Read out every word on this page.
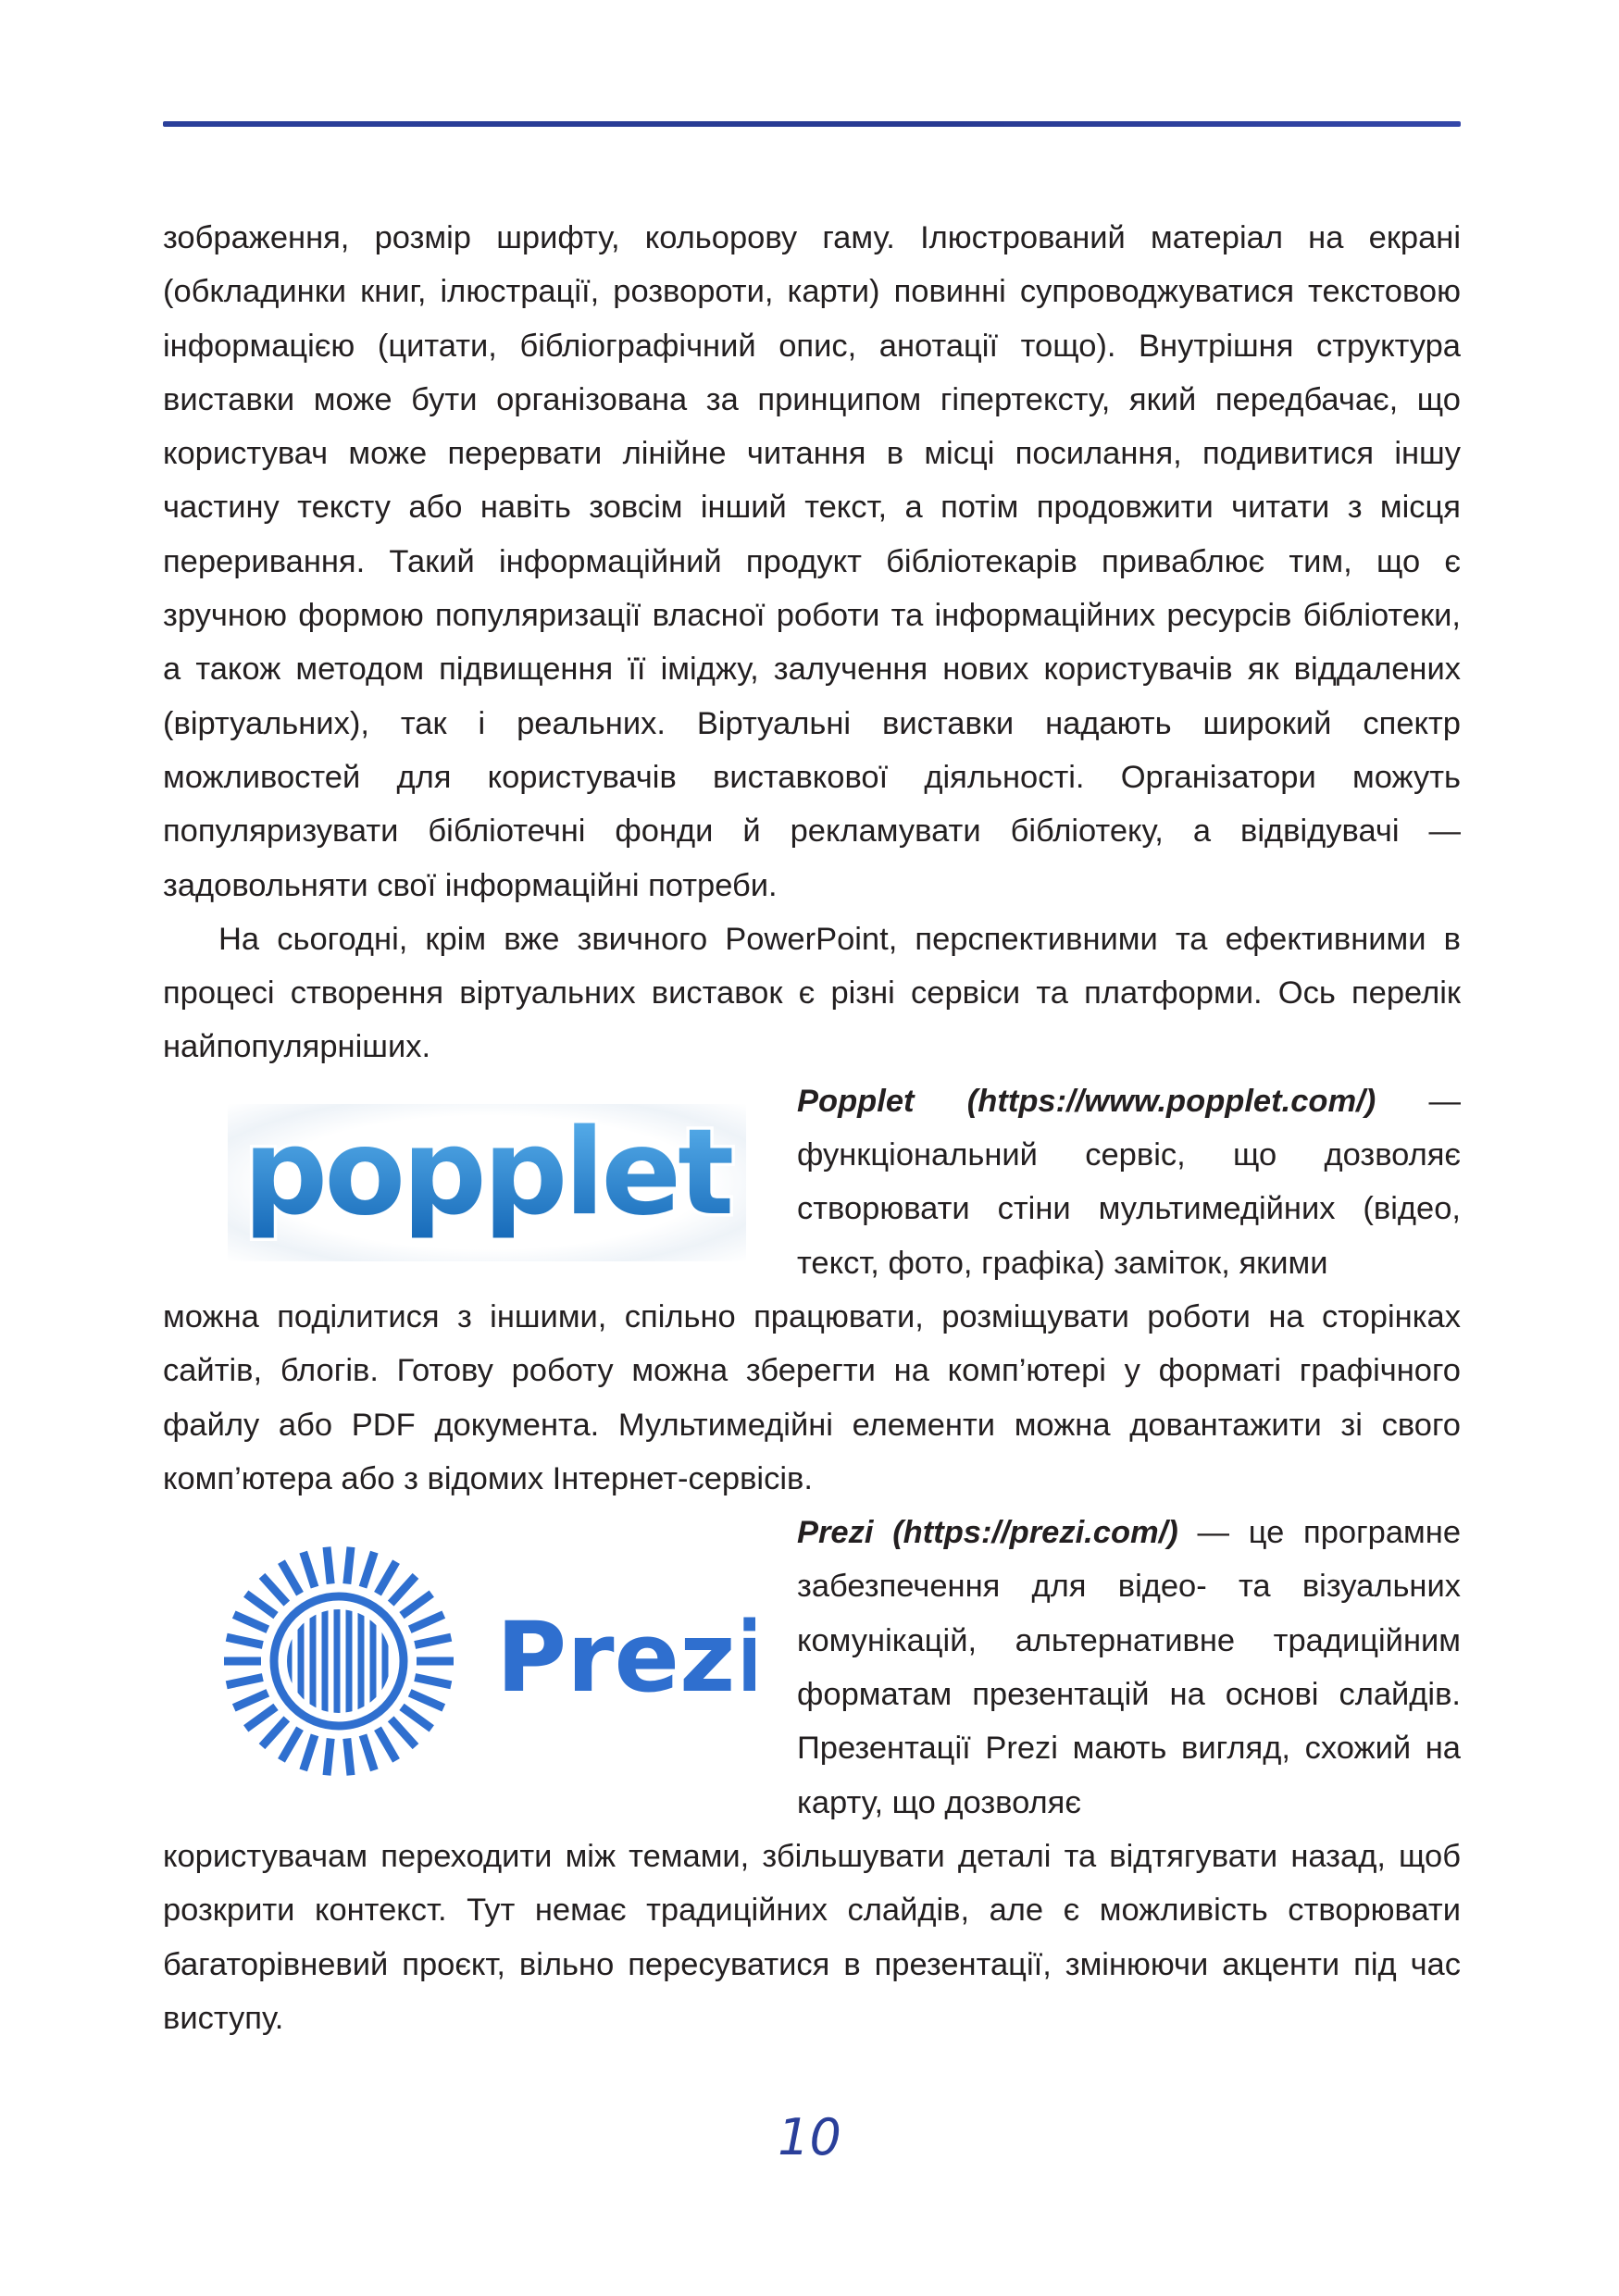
зображення, розмір шрифту, кольорову гаму. Ілюстрований матеріал на екрані (обкладинки книг, ілюстрації, розвороти, карти) повинні супроводжуватися текстовою інформацією (цитати, бібліографічний опис, анотації тощо). Внутрішня структура виставки може бути організована за принципом гіпертексту, який передбачає, що користувач може перервати лінійне читання в місці посилання, подивитися іншу частину тексту або навіть зовсім інший текст, а потім продовжити читати з місця переривання. Такий інформаційний продукт бібліотекарів приваблює тим, що є зручною формою популяризації власної роботи та інформаційних ресурсів бібліотеки, а також методом підвищення її іміджу, залучення нових користувачів як віддалених (віртуальних), так і реальних. Віртуальні виставки надають широкий спектр можливостей для користувачів виставкової діяльності. Організатори можуть популяризувати бібліотечні фонди й рекламувати бібліотеку, а відвідувачі — задовольняти свої інформаційні потреби.

На сьогодні, крім вже звичного PowerPoint, перспективними та ефективними в процесі створення віртуальних виставок є різні сервіси та платформи. Ось перелік найпопулярніших.

popplet
Popplet (https://www.popplet.com/) — функціональний сервіс, що дозволяє створювати стіни мультимедійних (відео, текст, фото, графіка) заміток, якими

можна поділитися з іншими, спільно працювати, розміщувати роботи на сторінках сайтів, блогів. Готову роботу можна зберегти на комп’ютері у форматі графічного файлу або PDF документа. Мультимедійні елементи можна довантажити зі свого комп’ютера або з відомих Інтернет-сервісів.

Prezi
Prezi (https://prezi.com/) — це програмне забезпечення для відео- та візуальних комунікацій, альтернативне традиційним форматам презентацій на основі слайдів. Презентації Prezi мають вигляд, схожий на карту, що дозволяє

користувачам переходити між темами, збільшувати деталі та відтягувати назад, щоб розкрити контекст. Тут немає традиційних слайдів, але є можливість створювати багаторівневий проєкт, вільно пересуватися в презентації, змінюючи акценти під час виступу.

10
